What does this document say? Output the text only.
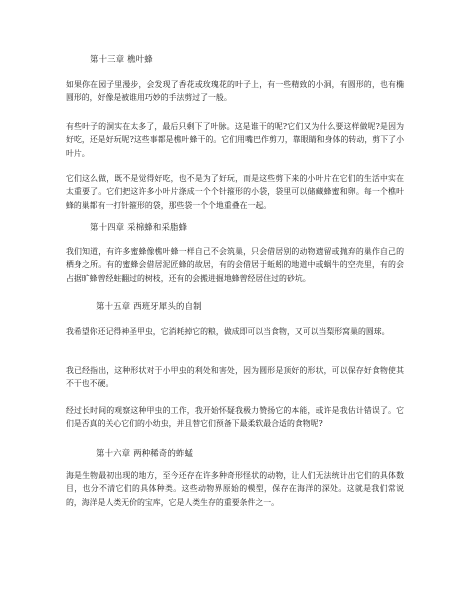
第十三章 樵叶蜂
如果你在园子里漫步，会发现了香花或玫瑰花的叶子上，有一些精致的小洞，有圆形的，也有椭圆形的，好像是被谁用巧妙的手法剪过了一般。
有些叶子的洞实在太多了，最后只剩下了叶脉。这是谁干的呢?它们又为什么要这样做呢?是因为好吃，还是好玩呢?这些事都是樵叶蜂干的。它们用嘴巴作剪刀，靠眼睛和身体的转动，剪下了小叶片。
它们这么做，既不是觉得好吃，也不是为了好玩，而是这些剪下来的小叶片在它们的生活中实在太重要了。它们把这许多小叶片涤成一个个针箍形的小袋，袋里可以储藏蜂蜜和卵。每一个樵叶蜂的巢都有一打针箍形的袋，那些袋一个个地重叠在一起。
第十四章 采棉蜂和采脂蜂
我们知道，有许多蜜蜂像樵叶蜂一样自己不会筑巢，只会借居别的动物遗留或抛弃的巢作自己的栖身之所。有的蜜蜂会借居泥匠蜂的故居，有的会借居于蚯蚓的地道中或蜗牛的空壳里，有的会占据旷蜂曾经蛀翻过的树枝，还有的会搬进掘地蜂曾经居住过的砂坑。
第十五章 西班牙犀头的自制
我希望你还记得神圣甲虫，它消耗掉它的粮，做成即可以当食物，又可以当梨形窝巢的圆球。
我已经指出，这种形状对于小甲虫的利处和害处，因为圆形是顶好的形状，可以保存好食物使其不干也不硬。
经过长时间的观察这种甲虫的工作，我开始怀疑我极力赞扬它的本能，或许是我估计错误了。它们是否真的关心它们的小幼虫，并且替它们预备下最柔软最合适的食物呢?
第十六章 两种稀奇的蚱蜢
海是生物最初出现的地方，至今还存在许多种奇形怪状的动物，让人们无法统计出它们的具体数目，也分不清它们的具体种类。这些动物界原始的模型，保存在海洋的深处。这就是我们常说的，海洋是人类无价的宝库，它是人类生存的重要条件之一。
